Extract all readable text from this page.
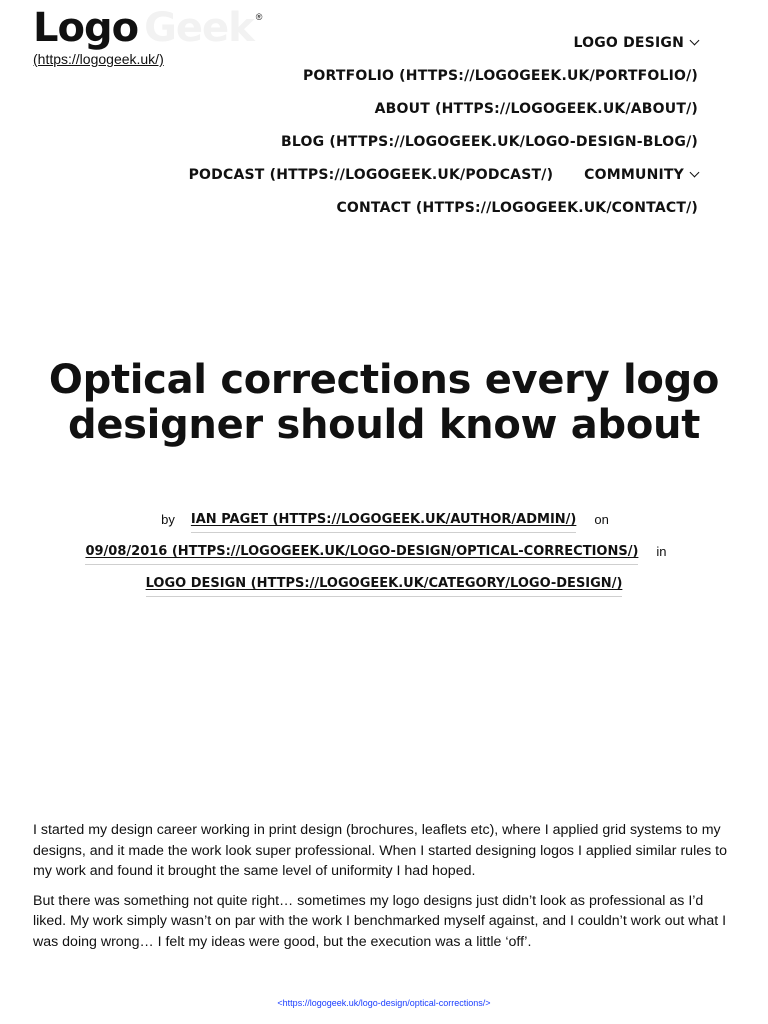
Logo Geek ®
(https://logogeek.uk/)
LOGO DESIGN
PORTFOLIO (HTTPS://LOGOGEEK.UK/PORTFOLIO/)
ABOUT (HTTPS://LOGOGEEK.UK/ABOUT/)
BLOG (HTTPS://LOGOGEEK.UK/LOGO-DESIGN-BLOG/)
PODCAST (HTTPS://LOGOGEEK.UK/PODCAST/) COMMUNITY
CONTACT (HTTPS://LOGOGEEK.UK/CONTACT/)
Optical corrections every logo designer should know about
by IAN PAGET (HTTPS://LOGOGEEK.UK/AUTHOR/ADMIN/) on
09/08/2016 (HTTPS://LOGOGEEK.UK/LOGO-DESIGN/OPTICAL-CORRECTIONS/) in
LOGO DESIGN (HTTPS://LOGOGEEK.UK/CATEGORY/LOGO-DESIGN/)

I started my design career working in print design (brochures, leaflets etc), where I applied grid systems to my designs, and it made the work look super professional. When I started designing logos I applied similar rules to my work and found it brought the same level of uniformity I had hoped.

But there was something not quite right… sometimes my logo designs just didn’t look as professional as I’d liked. My work simply wasn’t on par with the work I benchmarked myself against, and I couldn’t work out what I was doing wrong… I felt my ideas were good, but the execution was a little ‘off’.

<https://logogeek.uk/logo-design/optical-corrections/>
